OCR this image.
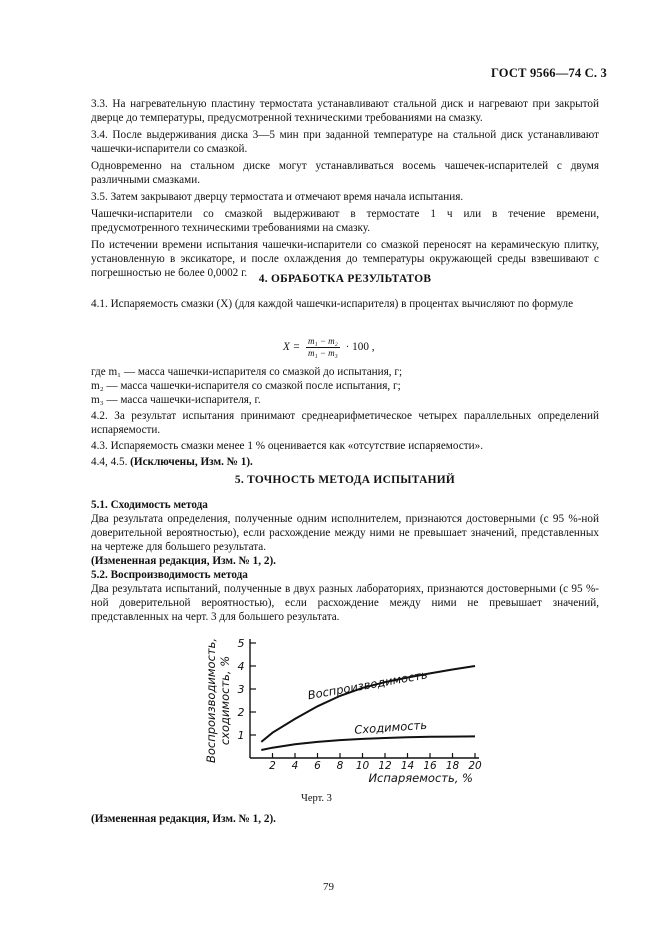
ГОСТ 9566—74 С. 3

3.3. На нагревательную пластину термостата устанавливают стальной диск и нагревают при закрытой дверце до температуры, предусмотренной техническими требованиями на смазку.

3.4. После выдерживания диска 3—5 мин при заданной температуре на стальной диск устанавливают чашечки-испарители со смазкой.

Одновременно на стальном диске могут устанавливаться восемь чашечек-испарителей с двумя различными смазками.

3.5. Затем закрывают дверцу термостата и отмечают время начала испытания.

Чашечки-испарители со смазкой выдерживают в термостате 1 ч или в течение времени, предусмотренного техническими требованиями на смазку.

По истечении времени испытания чашечки-испарители со смазкой переносят на керамическую плитку, установленную в эксикаторе, и после охлаждения до температуры окружающей среды взвешивают с погрешностью не более 0,0002 г.	4. ОБРАБОТКА РЕЗУЛЬТАТОВ

4.1. Испаряемость смазки (X) (для каждой чашечки-испарителя) в процентах вычисляют по формуле

$X = \frac{\text{m₁ − m₂}}{\text{m₁ − m₃}} \cdot 100$ ,

где m₁ — масса чашечки-испарителя со смазкой до испытания, г;

m₂ — масса чашечки-испарителя со смазкой после испытания, г;

m₃ — масса чашечки-испарителя, г.

4.2. За результат испытания принимают среднеарифметическое четырех параллельных определений испаряемости.

4.3. Испаряемость смазки менее 1 % оценивается как «отсутствие испаряемости».

4.4, 4.5. (Исключены, Изм. № 1).

5. ТОЧНОСТЬ МЕТОДА ИСПЫТАНИЙ

5.1. Сходимость метода

Два результата определения, полученные одним исполнителем, признаются достоверными (с 95 %-ной доверительной вероятностью), если расхождение между ними не превышает значений, представленных на чертеже для большего результата.

(Измененная редакция, Изм. № 1, 2).

5.2. Воспроизводимость метода

Два результата испытаний, полученные в двух разных лабораториях, признаются достоверными (с 95 %-ной доверительной вероятностью), если расхождение между ними не превышает значений, представленных на черт. 3 для большего результата.

1
2
3
4
5
2 4 6 8 10 12 14 16 18 20
Воспроизводимость
Сходимость
Испаряемость, %
Воспроизводимость, сходимость, %
Черт. 3
(Измененная редакция, Изм. № 1, 2).
79
